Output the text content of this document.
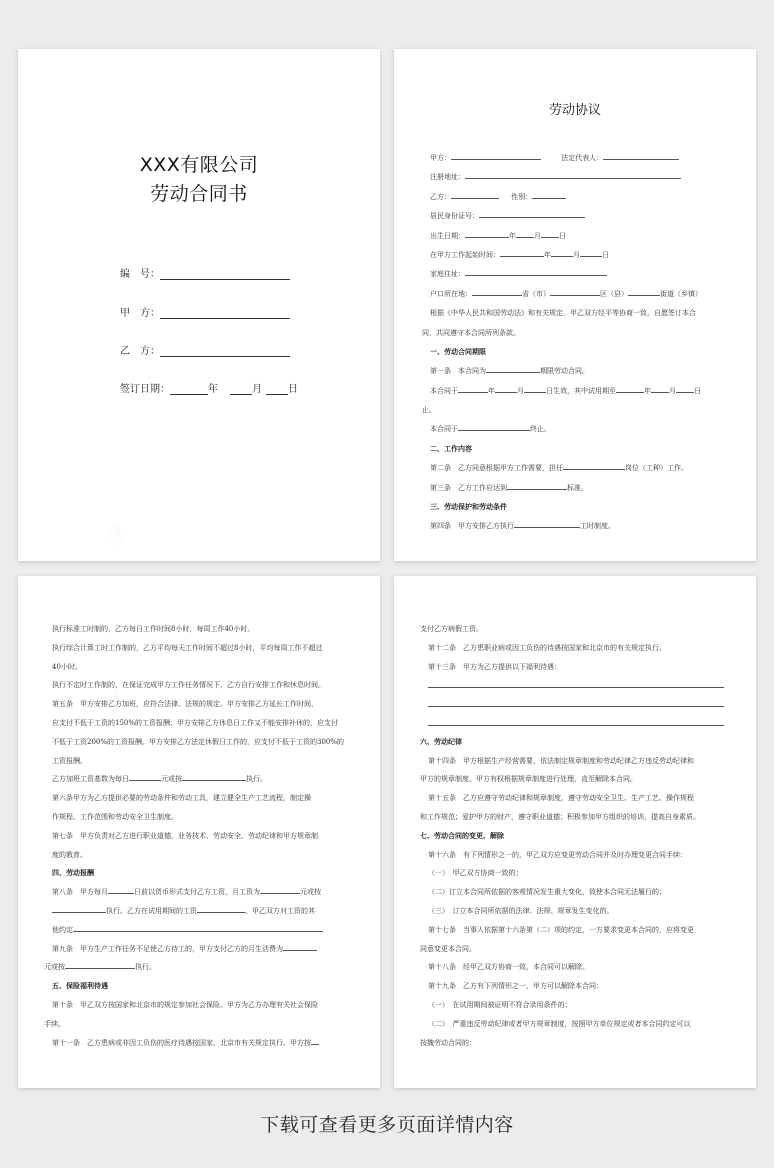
XXX有限公司
劳动合同书
编　号：
甲　方：
乙　方：
签订日期：	年	月	日
劳动协议
甲方：	法定代表人：
注册地址：
乙方：	性别：
居民身份证号：
出生日期：	年	月	日
在甲方工作起始时间：	年	月	日
家庭住址：
户口所在地：	省（市）	区（县）	街道（乡镇）
根据《中华人民共和国劳动法》和有关规定，甲乙双方经平等协商一致，自愿签订本合
同，共同遵守本合同所列条款。
一、劳动合同期限
第一条　本合同为	期限劳动合同。
本合同于	年	月	日生效，其中试用期至	年	月	日
止。
本合同于	终止。
二、工作内容
第二条　乙方同意根据甲方工作需要，担任	岗位（工种）工作。
第三条　乙方工作应达到	标准。
三、劳动保护和劳动条件
第四条　甲方安排乙方执行	工时制度。
执行标准工时制的，乙方每日工作时间8小时，每周工作40小时。
执行综合计算工时工作制的，乙方平均每天工作时间不超过8小时，平均每周工作不超过
40小时。
执行不定时工作制的，在保证完成甲方工作任务情况下，乙方自行安排工作和休息时间。
第五条　甲方安排乙方加班，应符合法律、法规的规定。甲方安排乙方延长工作时间，
应支付不低于工资的150%的工资报酬；甲方安排乙方休息日工作又不能安排补休的，应支付
不低于工资200%的工资报酬。甲方安排乙方法定休假日工作的，应支付不低于工资的300%的
工资报酬。
乙方加班工资基数为每日	元或按	执行。
第六条甲方为乙方提供必要的劳动条件和劳动工具，建立健全生产工艺流程，制定操
作规程、工作范围和劳动安全卫生制度。
第七条　甲方负责对乙方进行职业道德、业务技术、劳动安全、劳动纪律和甲方规章制
度的教育。
四、劳动报酬
第八条　甲方每月	日前以货币形式支付乙方工资，月工资为	元或按
执行。乙方在试用期间的工资	。甲乙双方对工资的其
他约定
第九条　甲方生产工作任务不足使乙方待工的，甲方支付乙方的月生活费为
元或按	执行。
五、保险福利待遇
第十条　甲乙双方按国家和北京市的规定参加社会保险。甲方为乙方办理有关社会保险
手续。
第十一条　乙方患病或非因工负伤的医疗待遇按国家、北京市有关规定执行。甲方按
支付乙方病假工资。
第十二条　乙方患职业病或因工负伤的待遇按国家和北京市的有关规定执行。
第十三条　甲方为乙方提供以下福利待遇：
六、劳动纪律
第十四条　甲方根据生产经营需要，依法制定规章制度和劳动纪律乙方违反劳动纪律和
甲方的规章制度，甲方有权根据规章制度进行处理，直至解除本合同。
第十五条　乙方应遵守劳动纪律和规章制度，遵守劳动安全卫生、生产工艺、操作规程
和工作规范；爱护甲方的财产，遵守职业道德；积极参加甲方组织的培训，提高自身素质。
七、劳动合同的变更、解除
第十六条　有下列情形之一的，甲乙双方应变更劳动合同并及时办理变更合同手续：
（一）　甲乙双方协商一致的；
（二）订立本合同所依据的客观情况发生重大变化，致使本合同无法履行的；
（三）　订立本合同所依据的法律、法规、规章发生变化的。
第十七条　当事人依据第十六条第（二）项的约定，一方要求变更本合同的，应将变更
同意变更本合同。
第十八条　经甲乙双方协商一致，本合同可以解除。
第十九条　乙方有下列情形之一，甲方可以解除本合同：
（一）　在试用期间被证明不符合录用条件的；
（二）　严重违反劳动纪律或者甲方规章制度，按照甲方单位规定或者本合同约定可以
按魏劳动合同的：
下载可查看更多页面详情内容
